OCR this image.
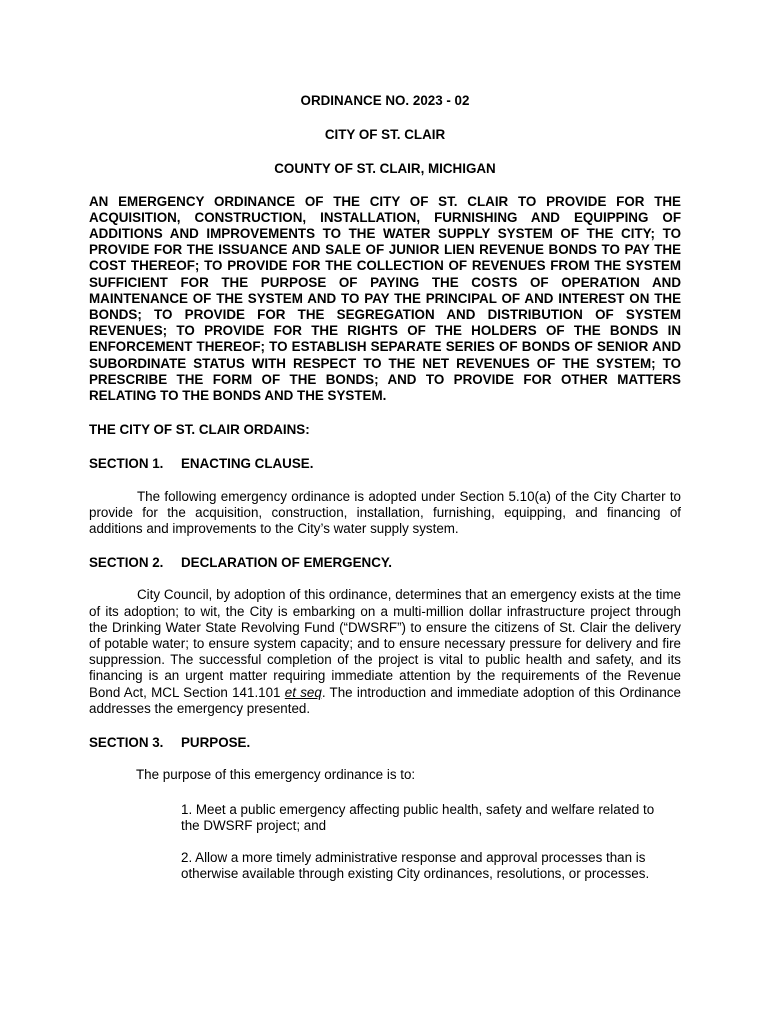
ORDINANCE NO. 2023 - 02

CITY OF ST. CLAIR

COUNTY OF ST. CLAIR, MICHIGAN

AN EMERGENCY ORDINANCE OF THE CITY OF ST. CLAIR TO PROVIDE FOR THE ACQUISITION, CONSTRUCTION, INSTALLATION, FURNISHING AND EQUIPPING OF ADDITIONS AND IMPROVEMENTS TO THE WATER SUPPLY SYSTEM OF THE CITY; TO PROVIDE FOR THE ISSUANCE AND SALE OF JUNIOR LIEN REVENUE BONDS TO PAY THE COST THEREOF; TO PROVIDE FOR THE COLLECTION OF REVENUES FROM THE SYSTEM SUFFICIENT FOR THE PURPOSE OF PAYING THE COSTS OF OPERATION AND MAINTENANCE OF THE SYSTEM AND TO PAY THE PRINCIPAL OF AND INTEREST ON THE BONDS; TO PROVIDE FOR THE SEGREGATION AND DISTRIBUTION OF SYSTEM REVENUES; TO PROVIDE FOR THE RIGHTS OF THE HOLDERS OF THE BONDS IN ENFORCEMENT THEREOF; TO ESTABLISH SEPARATE SERIES OF BONDS OF SENIOR AND SUBORDINATE STATUS WITH RESPECT TO THE NET REVENUES OF THE SYSTEM; TO PRESCRIBE THE FORM OF THE BONDS; AND TO PROVIDE FOR OTHER MATTERS RELATING TO THE BONDS AND THE SYSTEM.

THE CITY OF ST. CLAIR ORDAINS:

SECTION 1. ENACTING CLAUSE.

The following emergency ordinance is adopted under Section 5.10(a) of the City Charter to provide for the acquisition, construction, installation, furnishing, equipping, and financing of additions and improvements to the City’s water supply system.

SECTION 2. DECLARATION OF EMERGENCY.

City Council, by adoption of this ordinance, determines that an emergency exists at the time of its adoption; to wit, the City is embarking on a multi-million dollar infrastructure project through the Drinking Water State Revolving Fund (“DWSRF”) to ensure the citizens of St. Clair the delivery of potable water; to ensure system capacity; and to ensure necessary pressure for delivery and fire suppression. The successful completion of the project is vital to public health and safety, and its financing is an urgent matter requiring immediate attention by the requirements of the Revenue Bond Act, MCL Section 141.101 et seq. The introduction and immediate adoption of this Ordinance addresses the emergency presented.

SECTION 3. PURPOSE.

The purpose of this emergency ordinance is to:

1. Meet a public emergency affecting public health, safety and welfare related to the DWSRF project; and

2. Allow a more timely administrative response and approval processes than is otherwise available through existing City ordinances, resolutions, or processes.
